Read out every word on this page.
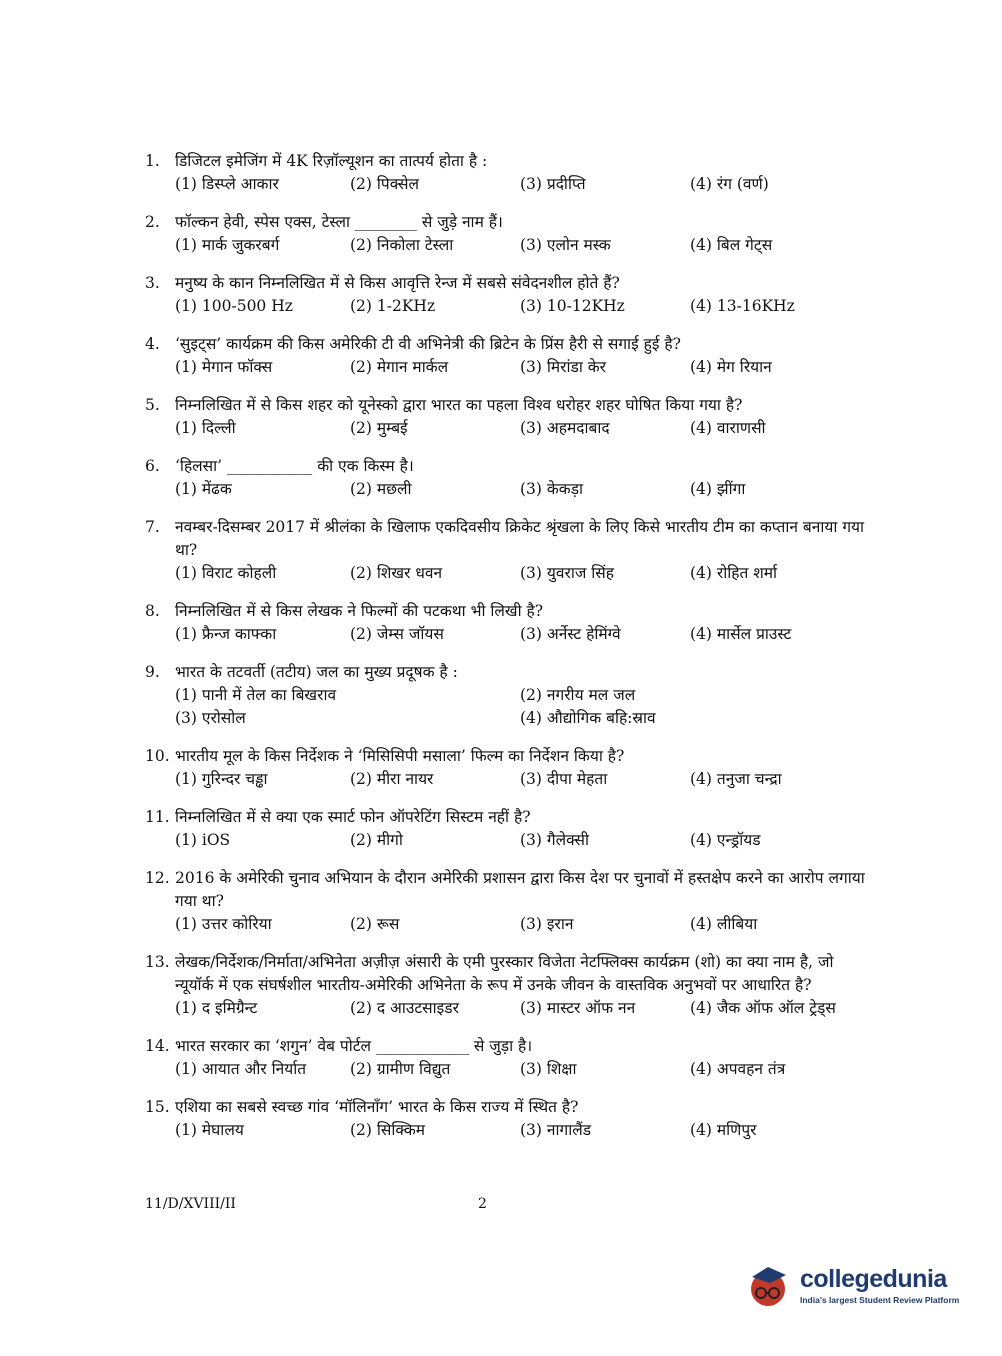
1. डिजिटल इमेजिंग में 4K रिज़ॉल्यूशन का तात्पर्य होता है :
(1) डिस्प्ले आकार	(2) पिक्सेल	(3) प्रदीप्ति	(4) रंग (वर्ण)
2. फॉल्कन हेवी, स्पेस एक्स, टेस्ला ________ से जुड़े नाम हैं।
(1) मार्क जुकरबर्ग	(2) निकोला टेस्ला	(3) एलोन मस्क	(4) बिल गेट्स
3. मनुष्य के कान निम्नलिखित में से किस आवृत्ति रेन्ज में सबसे संवेदनशील होते हैं?
(1) 100-500 Hz	(2) 1-2KHz	(3) 10-12KHz	(4) 13-16KHz
4. ‘सुइट्स’ कार्यक्रम की किस अमेरिकी टी वी अभिनेत्री की ब्रिटेन के प्रिंस हैरी से सगाई हुई है?
(1) मेगान फॉक्स	(2) मेगान मार्कल	(3) मिरांडा केर	(4) मेग रियान
5. निम्नलिखित में से किस शहर को यूनेस्को द्वारा भारत का पहला विश्व धरोहर शहर घोषित किया गया है?
(1) दिल्ली	(2) मुम्बई	(3) अहमदाबाद	(4) वाराणसी
6. ‘हिलसा’ ___________ की एक किस्म है।
(1) मेंढक	(2) मछली	(3) केकड़ा	(4) झींगा
7. नवम्बर-दिसम्बर 2017 में श्रीलंका के खिलाफ एकदिवसीय क्रिकेट श्रृंखला के लिए किसे भारतीय टीम का कप्तान बनाया गया था?
(1) विराट कोहली	(2) शिखर धवन	(3) युवराज सिंह	(4) रोहित शर्मा
8. निम्नलिखित में से किस लेखक ने फिल्मों की पटकथा भी लिखी है?
(1) फ्रैन्ज काफ्का	(2) जेम्स जॉयस	(3) अर्नेस्ट हेमिंग्वे	(4) मार्सेल प्राउस्ट
9. भारत के तटवर्ती (तटीय) जल का मुख्य प्रदूषक है :
(1) पानी में तेल का बिखराव	(2) नगरीय मल जल
(3) एरोसोल	(4) औद्योगिक बहि:स्राव
10. भारतीय मूल के किस निर्देशक ने ‘मिसिसिपी मसाला’ फिल्म का निर्देशन किया है?
(1) गुरिन्दर चड्ढा	(2) मीरा नायर	(3) दीपा मेहता	(4) तनुजा चन्द्रा
11. निम्नलिखित में से क्या एक स्मार्ट फोन ऑपरेटिंग सिस्टम नहीं है?
(1) iOS	(2) मीगो	(3) गैलेक्सी	(4) एन्ड्रॉयड
12. 2016 के अमेरिकी चुनाव अभियान के दौरान अमेरिकी प्रशासन द्वारा किस देश पर चुनावों में हस्तक्षेप करने का आरोप लगाया गया था?
(1) उत्तर कोरिया	(2) रूस	(3) इरान	(4) लीबिया
13. लेखक/निर्देशक/निर्माता/अभिनेता अज़ीज़ अंसारी के एमी पुरस्कार विजेता नेटफ्लिक्स कार्यक्रम (शो) का क्या नाम है, जो न्यूयॉर्क में एक संघर्षशील भारतीय-अमेरिकी अभिनेता के रूप में उनके जीवन के वास्तविक अनुभवों पर आधारित है?
(1) द इमिग्रैन्ट	(2) द आउटसाइडर	(3) मास्टर ऑफ नन	(4) जैक ऑफ ऑल ट्रेड्स
14. भारत सरकार का ‘शगुन’ वेब पोर्टल ____________ से जुड़ा है।
(1) आयात और निर्यात	(2) ग्रामीण विद्युत	(3) शिक्षा	(4) अपवहन तंत्र
15. एशिया का सबसे स्वच्छ गांव ‘मॉलिनॉंग’ भारत के किस राज्य में स्थित है?
(1) मेघालय	(2) सिक्किम	(3) नागालैंड	(4) मणिपुर
11/D/XVIII/II	2
collegedunia
India's largest Student Review Platform
